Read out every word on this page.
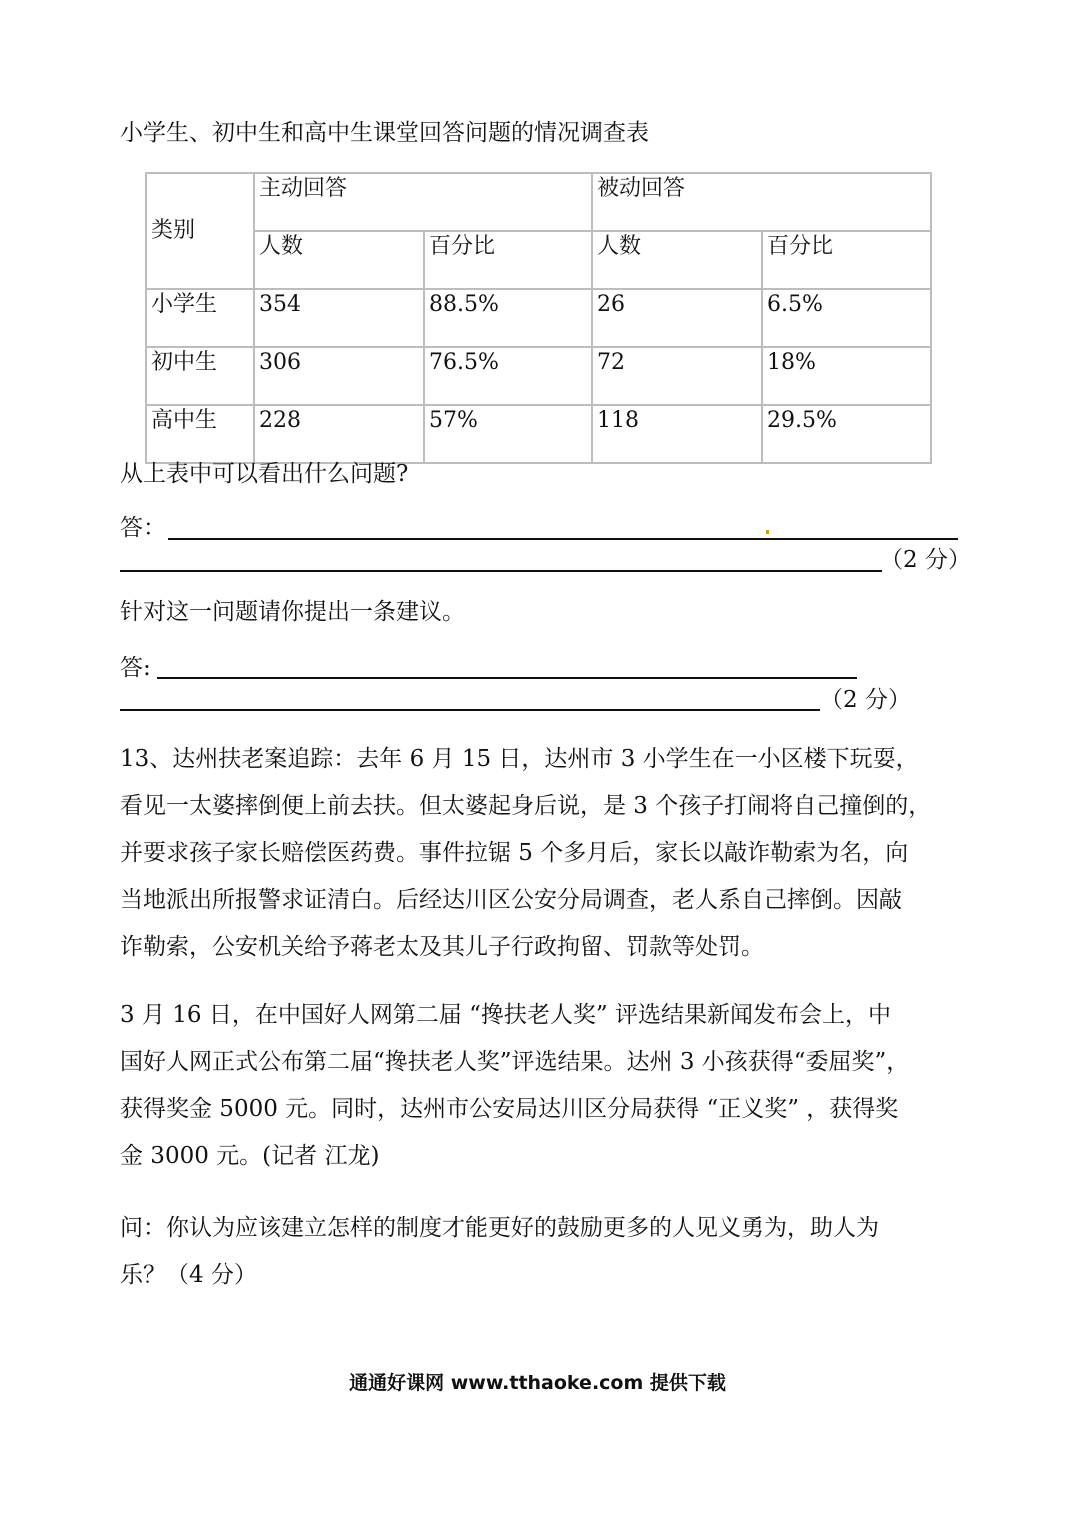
小学生、初中生和高中生课堂回答问题的情况调查表
类别	主动回答		被动回答	
	人数	百分比	人数	百分比
小学生	354	88.5%	26	6.5%
初中生	306	76.5%	72	18%
高中生	228	57%	118	29.5%
从上表中可以看出什么问题?
答：
（2 分）
针对这一问题请你提出一条建议。
答:
（2 分）

13、达州扶老案追踪：去年 6 月 15 日，达州市 3 小学生在一小区楼下玩耍，

看见一太婆摔倒便上前去扶。但太婆起身后说，是 3 个孩子打闹将自己撞倒的，

并要求孩子家长赔偿医药费。事件拉锯 5 个多月后，家长以敲诈勒索为名，向

当地派出所报警求证清白。后经达川区公安分局调查，老人系自己摔倒。因敲

诈勒索，公安机关给予蒋老太及其儿子行政拘留、罚款等处罚。

3 月 16 日，在中国好人网第二届 “搀扶老人奖” 评选结果新闻发布会上，中

国好人网正式公布第二届“搀扶老人奖”评选结果。达州 3 小孩获得“委屈奖”，

获得奖金 5000 元。同时，达州市公安局达川区分局获得 “正义奖” ，获得奖

金 3000 元。(记者 江龙)

问：你认为应该建立怎样的制度才能更好的鼓励更多的人见义勇为，助人为

乐？（4 分）

通通好课网 www.tthaoke.com 提供下载
